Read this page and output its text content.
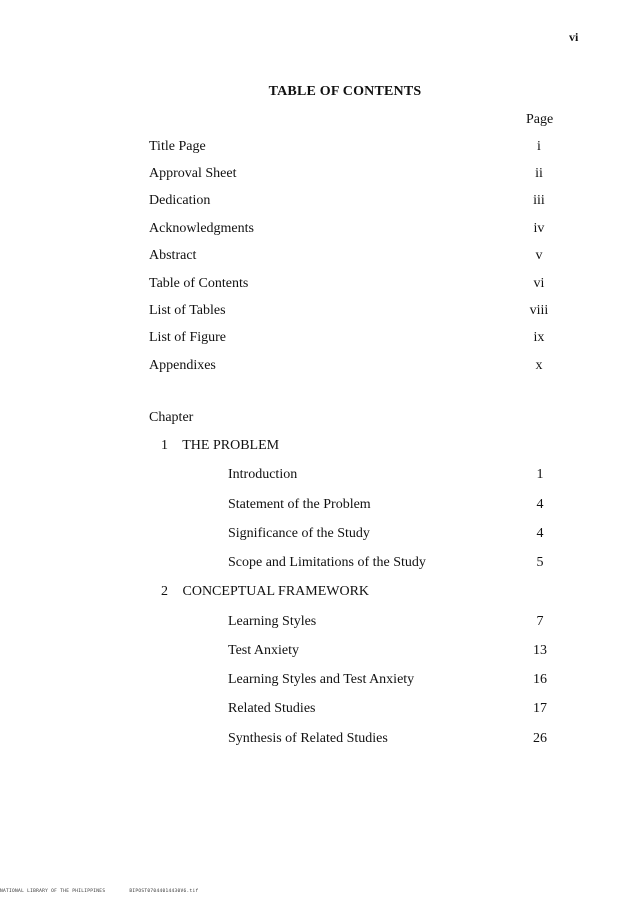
vi
TABLE OF CONTENTS
Page
Title Page	i
Approval Sheet	ii
Dedication	iii
Acknowledgments	iv
Abstract	v
Table of Contents	vi
List of Tables	viii
List of Figure	ix
Appendixes	x
Chapter
1 THE PROBLEM
Introduction	1
Statement of the Problem	4
Significance of the Study	4
Scope and Limitations of the Study	5
2 CONCEPTUAL FRAMEWORK
Learning Styles	7
Test Anxiety	13
Learning Styles and Test Anxiety	16
Related Studies	17
Synthesis of Related Studies	26
NATIONAL LIBRARY OF THE PHILIPPINES	BIPOST07044014430V6.tif
